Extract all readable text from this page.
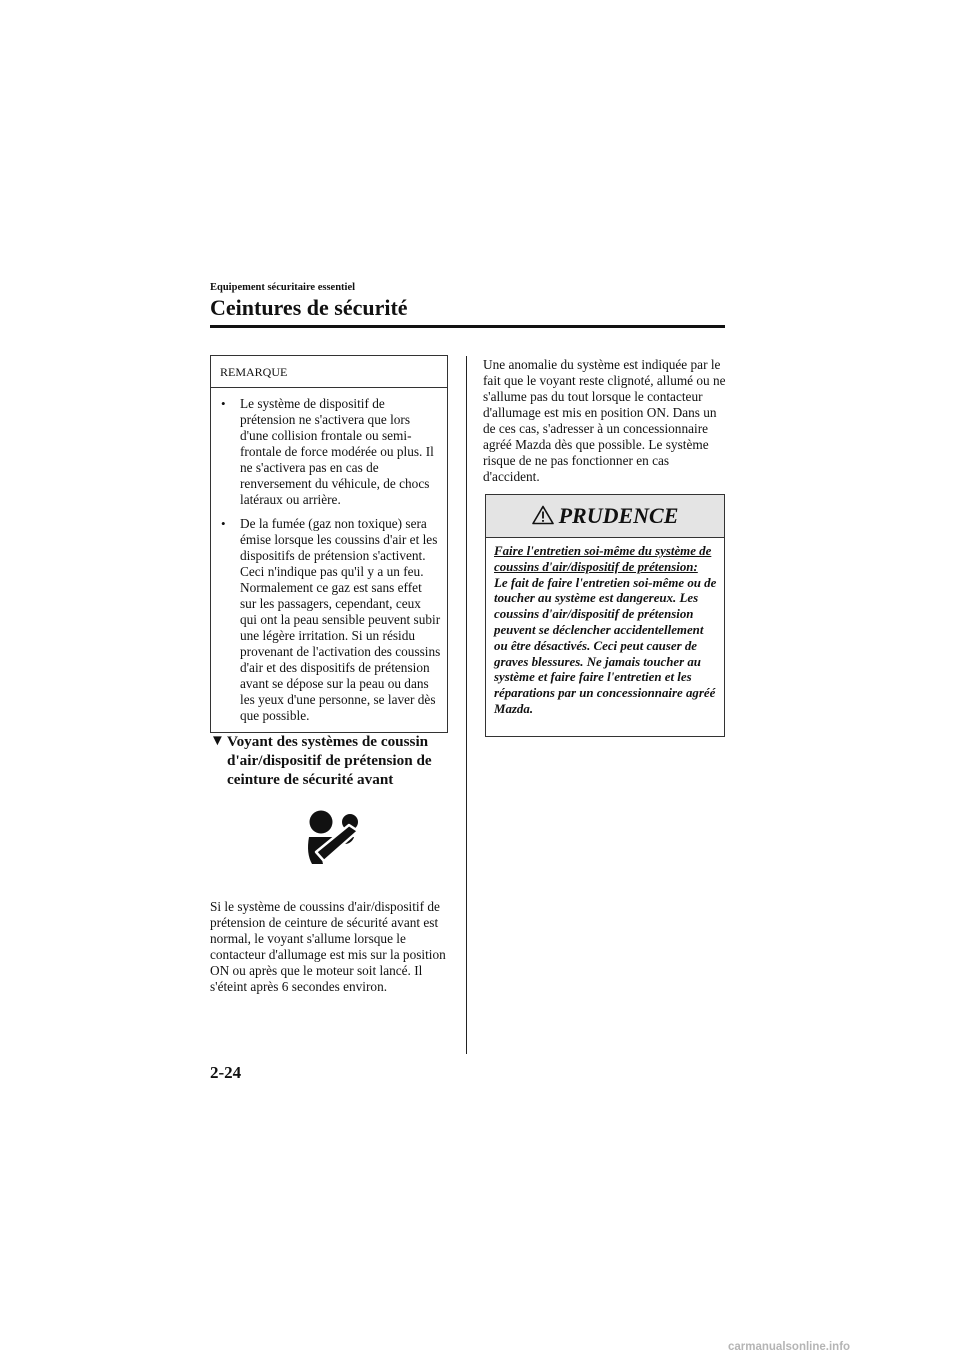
Equipement sécuritaire essentiel
Ceintures de sécurité
REMARQUE
• Le système de dispositif de prétension ne s'activera que lors d'une collision frontale ou semi-frontale de force modérée ou plus. Il ne s'activera pas en cas de renversement du véhicule, de chocs latéraux ou arrière.
• De la fumée (gaz non toxique) sera émise lorsque les coussins d'air et les dispositifs de prétension s'activent. Ceci n'indique pas qu'il y a un feu. Normalement ce gaz est sans effet sur les passagers, cependant, ceux qui ont la peau sensible peuvent subir une légère irritation. Si un résidu provenant de l'activation des coussins d'air et des dispositifs de prétension avant se dépose sur la peau ou dans les yeux d'une personne, se laver dès que possible.
▼ Voyant des systèmes de coussin d'air/dispositif de prétension de ceinture de sécurité avant
Si le système de coussins d'air/dispositif de prétension de ceinture de sécurité avant est normal, le voyant s'allume lorsque le contacteur d'allumage est mis sur la position ON ou après que le moteur soit lancé. Il s'éteint après 6 secondes environ.
Une anomalie du système est indiquée par le fait que le voyant reste clignoté, allumé ou ne s'allume pas du tout lorsque le contacteur d'allumage est mis en position ON. Dans un de ces cas, s'adresser à un concessionnaire agréé Mazda dès que possible. Le système risque de ne pas fonctionner en cas d'accident.
PRUDENCE
Faire l'entretien soi-même du système de coussins d'air/dispositif de prétension:
Le fait de faire l'entretien soi-même ou de toucher au système est dangereux. Les coussins d'air/dispositif de prétension peuvent se déclencher accidentellement ou être désactivés. Ceci peut causer de graves blessures. Ne jamais toucher au système et faire faire l'entretien et les réparations par un concessionnaire agréé Mazda.
2-24
carmanualsonline.info
